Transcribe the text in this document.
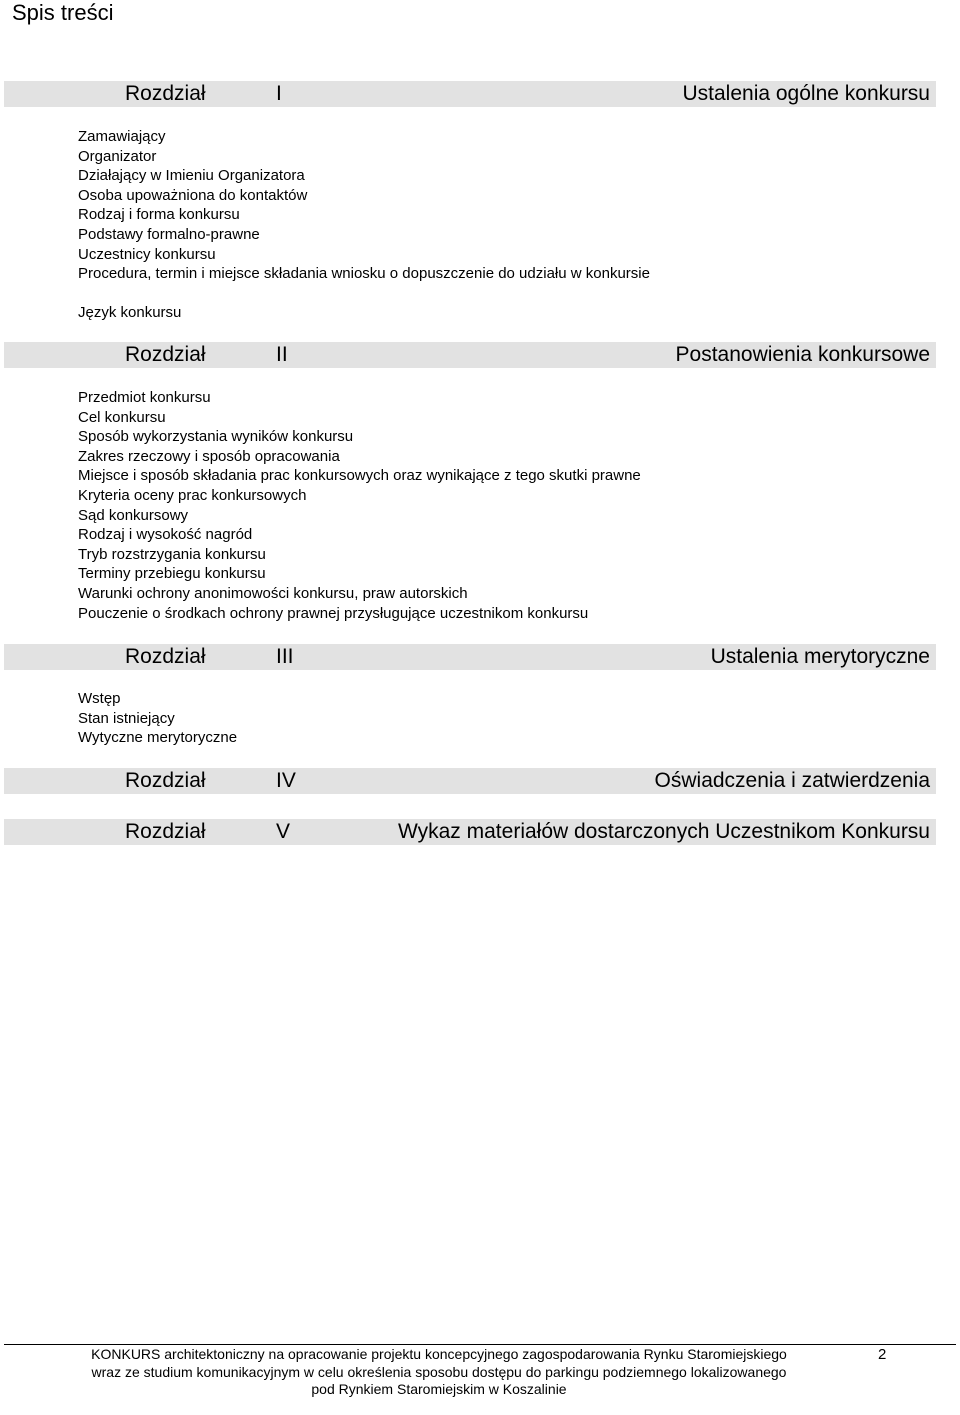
Spis treści
Rozdział	I	Ustalenia ogólne konkursu
Zamawiający
Organizator
Działający w Imieniu Organizatora
Osoba upoważniona do kontaktów
Rodzaj i forma konkursu
Podstawy formalno-prawne
Uczestnicy konkursu
Procedura, termin i miejsce składania wniosku o dopuszczenie do udziału w konkursie
Język konkursu
Rozdział	II	Postanowienia konkursowe
Przedmiot konkursu
Cel konkursu
Sposób wykorzystania wyników konkursu
Zakres rzeczowy i sposób opracowania
Miejsce i sposób składania prac konkursowych oraz wynikające z tego skutki prawne
Kryteria oceny prac konkursowych
Sąd konkursowy
Rodzaj i wysokość nagród
Tryb rozstrzygania konkursu
Terminy przebiegu konkursu
Warunki ochrony anonimowości konkursu, praw autorskich
Pouczenie o środkach ochrony prawnej przysługujące uczestnikom konkursu
Rozdział	III	Ustalenia merytoryczne
Wstęp
Stan istniejący
Wytyczne merytoryczne
Rozdział	IV	Oświadczenia i zatwierdzenia
Rozdział	V	Wykaz materiałów dostarczonych Uczestnikom Konkursu
KONKURS architektoniczny na opracowanie projektu koncepcyjnego zagospodarowania Rynku Staromiejskiego
wraz ze studium komunikacyjnym w celu określenia sposobu dostępu do parkingu podziemnego lokalizowanego
pod Rynkiem Staromiejskim w Koszalinie
2
